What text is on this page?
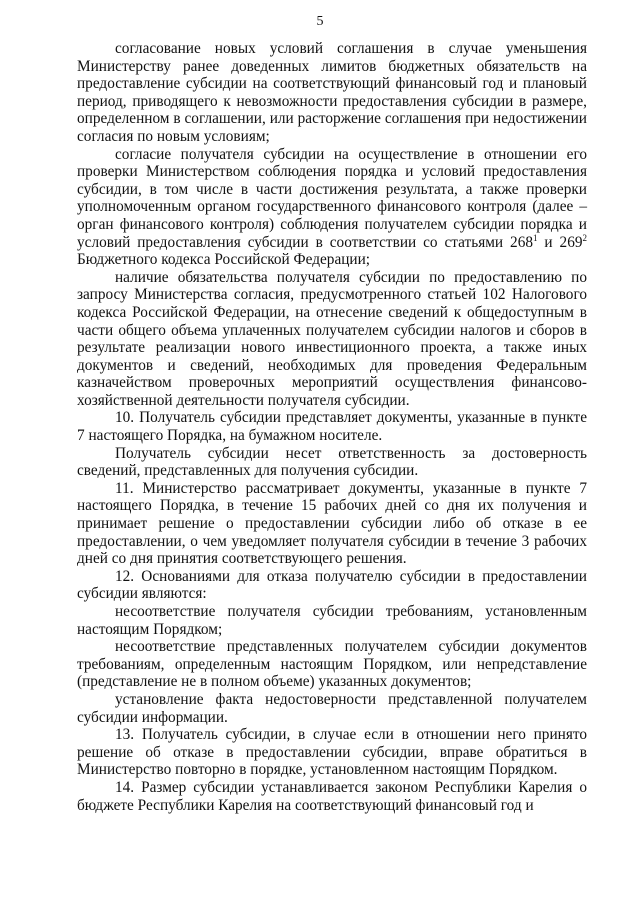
5

согласование новых условий соглашения в случае уменьшения Министерству ранее доведенных лимитов бюджетных обязательств на предоставление субсидии на соответствующий финансовый год и плановый период, приводящего к невозможности предоставления субсидии в размере, определенном в соглашении, или расторжение соглашения при недостижении согласия по новым условиям;

согласие получателя субсидии на осуществление в отношении его проверки Министерством соблюдения порядка и условий предоставления субсидии, в том числе в части достижения результата, а также проверки уполномоченным органом государственного финансового контроля (далее – орган финансового контроля) соблюдения получателем субсидии порядка и условий предоставления субсидии в соответствии со статьями $268^1$ и $269^2$ Бюджетного кодекса Российской Федерации;

наличие обязательства получателя субсидии по предоставлению по запросу Министерства согласия, предусмотренного статьей 102 Налогового кодекса Российской Федерации, на отнесение сведений к общедоступным в части общего объема уплаченных получателем субсидии налогов и сборов в результате реализации нового инвестиционного проекта, а также иных документов и сведений, необходимых для проведения Федеральным казначейством проверочных мероприятий осуществления финансово-хозяйственной деятельности получателя субсидии.

10. Получатель субсидии представляет документы, указанные в пункте 7 настоящего Порядка, на бумажном носителе.

Получатель субсидии несет ответственность за достоверность сведений, представленных для получения субсидии.

11. Министерство рассматривает документы, указанные в пункте 7 настоящего Порядка, в течение 15 рабочих дней со дня их получения и принимает решение о предоставлении субсидии либо об отказе в ее предоставлении, о чем уведомляет получателя субсидии в течение 3 рабочих дней со дня принятия соответствующего решения.

12. Основаниями для отказа получателю субсидии в предоставлении субсидии являются:

несоответствие получателя субсидии требованиям, установленным настоящим Порядком;

несоответствие представленных получателем субсидии документов требованиям, определенным настоящим Порядком, или непредставление (представление не в полном объеме) указанных документов;

установление факта недостоверности представленной получателем субсидии информации.

13. Получатель субсидии, в случае если в отношении него принято решение об отказе в предоставлении субсидии, вправе обратиться в Министерство повторно в порядке, установленном настоящим Порядком.

14. Размер субсидии устанавливается законом Республики Карелия о бюджете Республики Карелия на соответствующий финансовый год и
